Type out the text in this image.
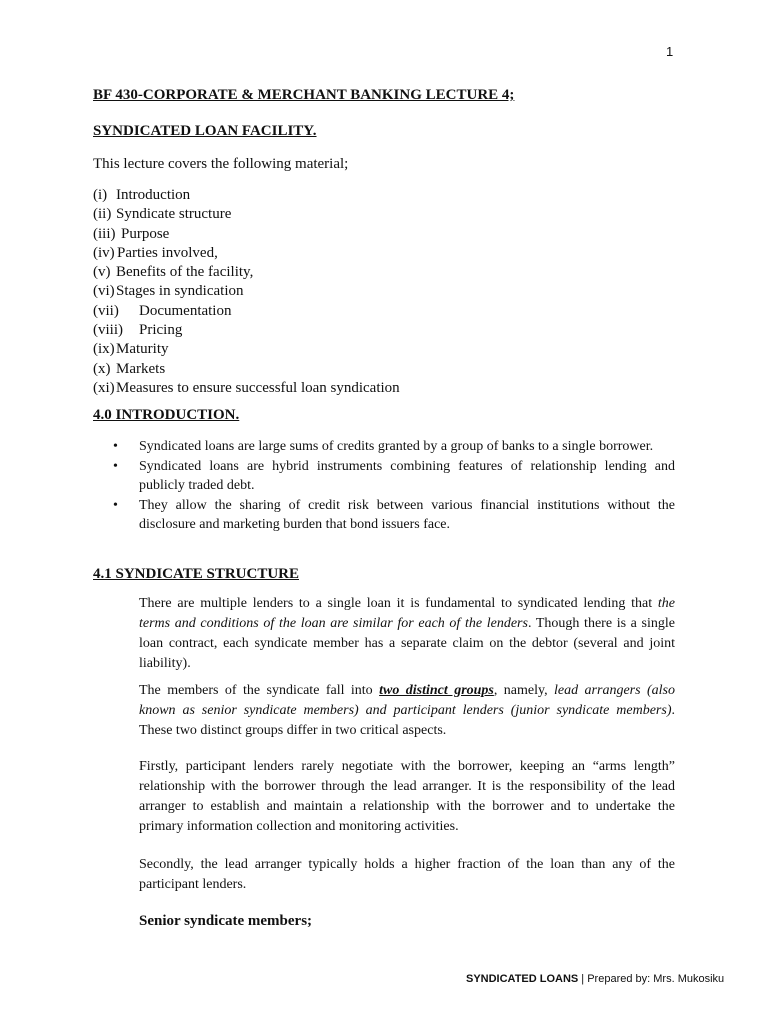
1
BF 430-CORPORATE & MERCHANT BANKING LECTURE 4;
SYNDICATED LOAN FACILITY.
This lecture covers the following material;
(i) Introduction
(ii) Syndicate structure
(iii) Purpose
(iv) Parties involved,
(v) Benefits of the facility,
(vi) Stages in syndication
(vii)	Documentation
(viii)	Pricing
(ix) Maturity
(x) Markets
(xi) Measures to ensure successful loan syndication
4.0 INTRODUCTION.
• Syndicated loans are large sums of credits granted by a group of banks to a single borrower.
• Syndicated loans are hybrid instruments combining features of relationship lending and publicly traded debt.
• They allow the sharing of credit risk between various financial institutions without the disclosure and marketing burden that bond issuers face.
4.1 SYNDICATE STRUCTURE

There are multiple lenders to a single loan it is fundamental to syndicated lending that the terms and conditions of the loan are similar for each of the lenders. Though there is a single loan contract, each syndicate member has a separate claim on the debtor (several and joint liability).

The members of the syndicate fall into two distinct groups, namely, lead arrangers (also known as senior syndicate members) and participant lenders (junior syndicate members). These two distinct groups differ in two critical aspects.

Firstly, participant lenders rarely negotiate with the borrower, keeping an “arms length” relationship with the borrower through the lead arranger. It is the responsibility of the lead arranger to establish and maintain a relationship with the borrower and to undertake the primary information collection and monitoring activities.

Secondly, the lead arranger typically holds a higher fraction of the loan than any of the participant lenders.

Senior syndicate members;
SYNDICATED LOANS | Prepared by: Mrs. Mukosiku
